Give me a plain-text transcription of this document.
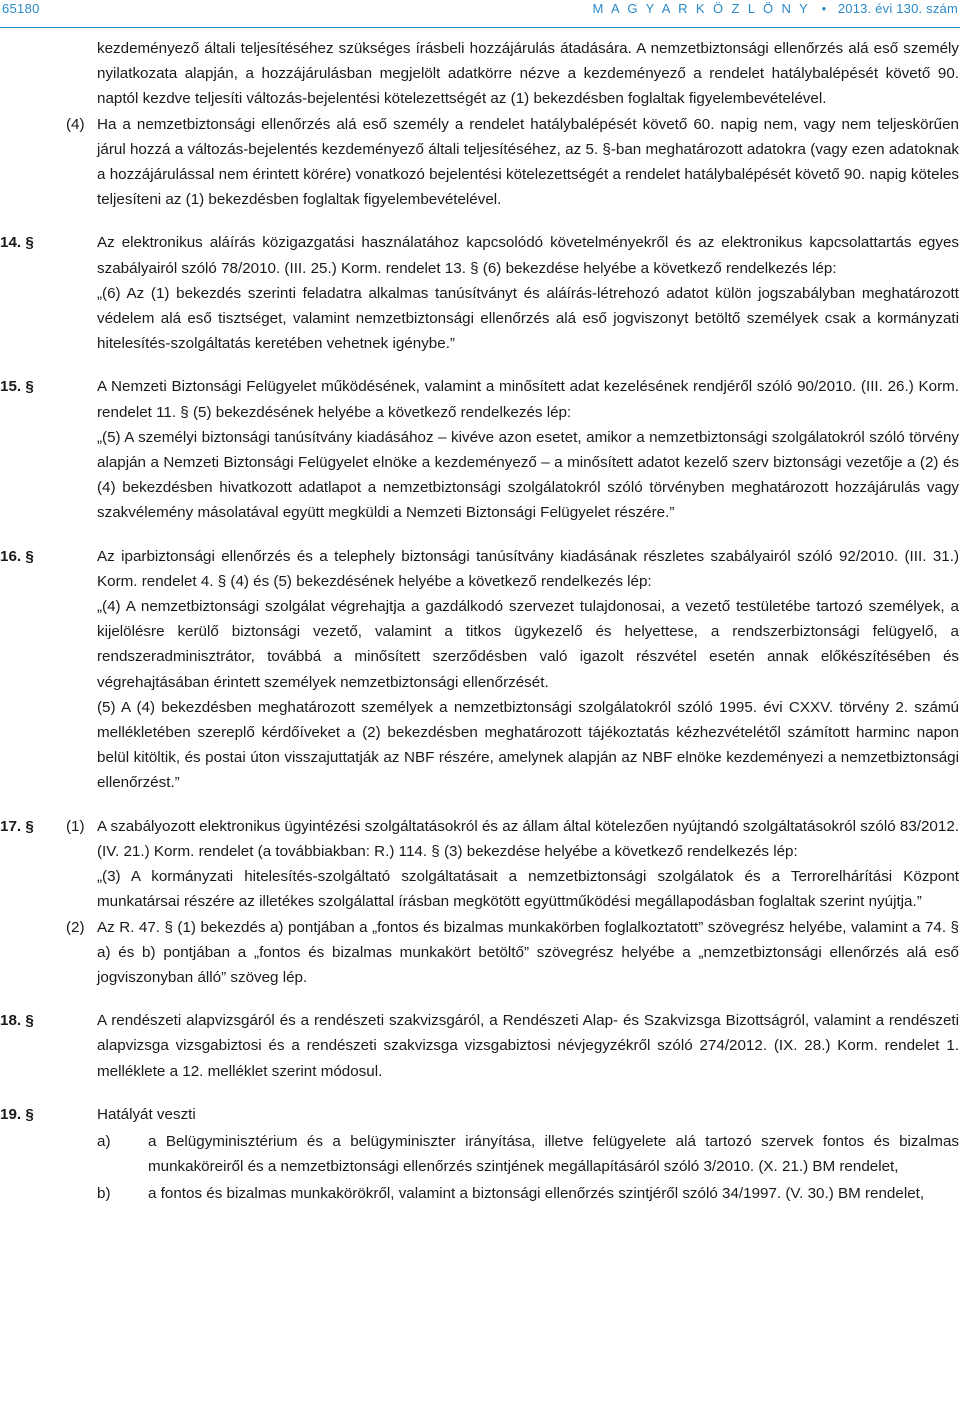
65180	M A G Y A R K Ö Z L Ö N Y • 2013. évi 130. szám

kezdeményező általi teljesítéséhez szükséges írásbeli hozzájárulás átadására. A nemzetbiztonsági ellenőrzés alá eső személy nyilatkozata alapján, a hozzájárulásban megjelölt adatkörre nézve a kezdeményező a rendelet hatálybalépését követő 90. naptól kezdve teljesíti változás-bejelentési kötelezettségét az (1) bekezdésben foglaltak figyelembevételével.

(4) Ha a nemzetbiztonsági ellenőrzés alá eső személy a rendelet hatálybalépését követő 60. napig nem, vagy nem teljeskörűen járul hozzá a változás-bejelentés kezdeményező általi teljesítéséhez, az 5. §-ban meghatározott adatokra (vagy ezen adatoknak a hozzájárulással nem érintett körére) vonatkozó bejelentési kötelezettségét a rendelet hatálybalépését követő 90. napig köteles teljesíteni az (1) bekezdésben foglaltak figyelembevételével.

14. §	Az elektronikus aláírás közigazgatási használatához kapcsolódó követelményekről és az elektronikus kapcsolattartás egyes szabályairól szóló 78/2010. (III. 25.) Korm. rendelet 13. § (6) bekezdése helyébe a következő rendelkezés lép:

„(6) Az (1) bekezdés szerinti feladatra alkalmas tanúsítványt és aláírás-létrehozó adatot külön jogszabályban meghatározott védelem alá eső tisztséget, valamint nemzetbiztonsági ellenőrzés alá eső jogviszonyt betöltő személyek csak a kormányzati hitelesítés-szolgáltatás keretében vehetnek igénybe.”

15. §	A Nemzeti Biztonsági Felügyelet működésének, valamint a minősített adat kezelésének rendjéről szóló 90/2010. (III. 26.) Korm. rendelet 11. § (5) bekezdésének helyébe a következő rendelkezés lép:

„(5) A személyi biztonsági tanúsítvány kiadásához – kivéve azon esetet, amikor a nemzetbiztonsági szolgálatokról szóló törvény alapján a Nemzeti Biztonsági Felügyelet elnöke a kezdeményező – a minősített adatot kezelő szerv biztonsági vezetője a (2) és (4) bekezdésben hivatkozott adatlapot a nemzetbiztonsági szolgálatokról szóló törvényben meghatározott hozzájárulás vagy szakvélemény másolatával együtt megküldi a Nemzeti Biztonsági Felügyelet részére.”

16. §	Az iparbiztonsági ellenőrzés és a telephely biztonsági tanúsítvány kiadásának részletes szabályairól szóló 92/2010. (III. 31.) Korm. rendelet 4. § (4) és (5) bekezdésének helyébe a következő rendelkezés lép:

„(4) A nemzetbiztonsági szolgálat végrehajtja a gazdálkodó szervezet tulajdonosai, a vezető testületébe tartozó személyek, a kijelölésre kerülő biztonsági vezető, valamint a titkos ügykezelő és helyettese, a rendszerbiztonsági felügyelő, a rendszeradminisztrátor, továbbá a minősített szerződésben való igazolt részvétel esetén annak előkészítésében és végrehajtásában érintett személyek nemzetbiztonsági ellenőrzését.

(5) A (4) bekezdésben meghatározott személyek a nemzetbiztonsági szolgálatokról szóló 1995. évi CXXV. törvény 2. számú mellékletében szereplő kérdőíveket a (2) bekezdésben meghatározott tájékoztatás kézhezvételétől számított harminc napon belül kitöltik, és postai úton visszajuttatják az NBF részére, amelynek alapján az NBF elnöke kezdeményezi a nemzetbiztonsági ellenőrzést.”

17. §	(1) A szabályozott elektronikus ügyintézési szolgáltatásokról és az állam által kötelezően nyújtandó szolgáltatásokról szóló 83/2012. (IV. 21.) Korm. rendelet (a továbbiakban: R.) 114. § (3) bekezdése helyébe a következő rendelkezés lép:

„(3) A kormányzati hitelesítés-szolgáltató szolgáltatásait a nemzetbiztonsági szolgálatok és a Terrorelhárítási Központ munkatársai részére az illetékes szolgálattal írásban megkötött együttműködési megállapodásban foglaltak szerint nyújtja.”

(2) Az R. 47. § (1) bekezdés a) pontjában a „fontos és bizalmas munkakörben foglalkoztatott” szövegrész helyébe, valamint a 74. § a) és b) pontjában a „fontos és bizalmas munkakört betöltő” szövegrész helyébe a „nemzetbiztonsági ellenőrzés alá eső jogviszonyban álló” szöveg lép.

18. §	A rendészeti alapvizsgáról és a rendészeti szakvizsgáról, a Rendészeti Alap- és Szakvizsga Bizottságról, valamint a rendészeti alapvizsga vizsgabiztosi és a rendészeti szakvizsga vizsgabiztosi névjegyzékről szóló 274/2012. (IX. 28.) Korm. rendelet 1. melléklete a 12. melléklet szerint módosul.

19. §	Hatályát veszti

a) a Belügyminisztérium és a belügyminiszter irányítása, illetve felügyelete alá tartozó szervek fontos és bizalmas munkaköreiről és a nemzetbiztonsági ellenőrzés szintjének megállapításáról szóló 3/2010. (X. 21.) BM rendelet,

b) a fontos és bizalmas munkakörökről, valamint a biztonsági ellenőrzés szintjéről szóló 34/1997. (V. 30.) BM rendelet,
